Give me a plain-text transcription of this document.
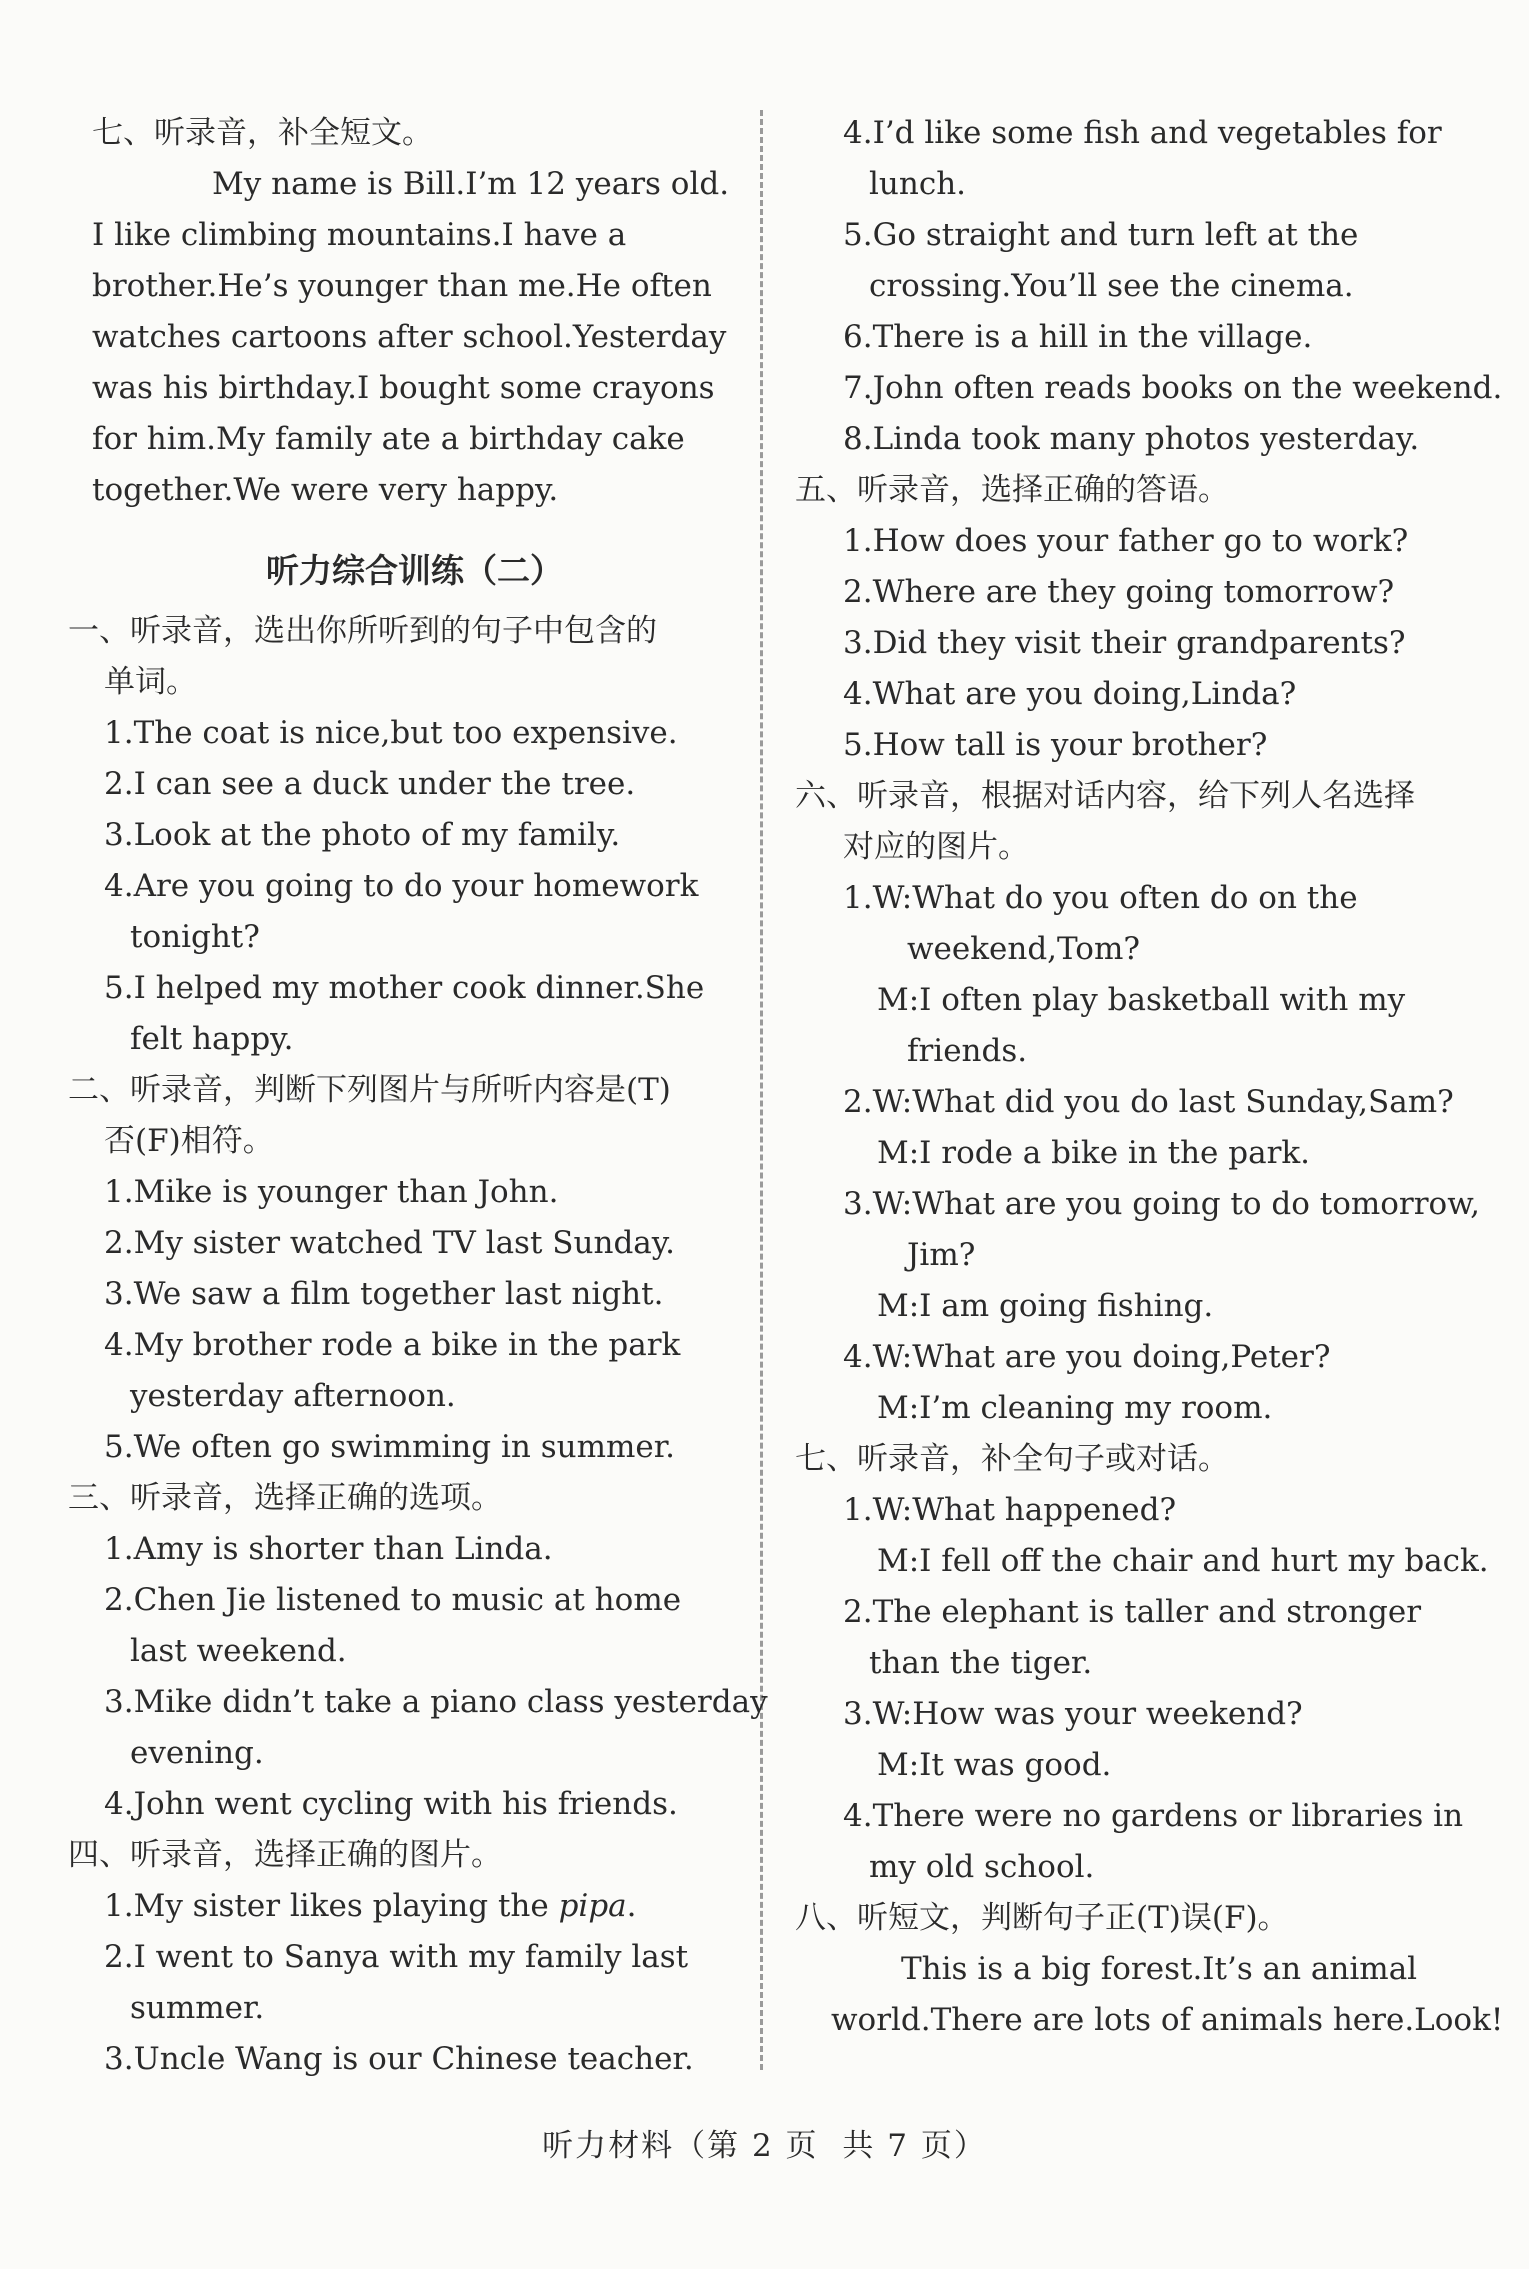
七、听录音，补全短文。
My name is Bill.I’m 12 years old.
I like climbing mountains.I have a
brother.He’s younger than me.He often
watches cartoons after school.Yesterday
was his birthday.I bought some crayons
for him.My family ate a birthday cake
together.We were very happy.
听力综合训练（二）
一、听录音，选出你所听到的句子中包含的
单词。
1.The coat is nice,but too expensive.
2.I can see a duck under the tree.
3.Look at the photo of my family.
4.Are you going to do your homework
tonight?
5.I helped my mother cook dinner.She
felt happy.
二、听录音，判断下列图片与所听内容是(T)
否(F)相符。
1.Mike is younger than John.
2.My sister watched TV last Sunday.
3.We saw a film together last night.
4.My brother rode a bike in the park
yesterday afternoon.
5.We often go swimming in summer.
三、听录音，选择正确的选项。
1.Amy is shorter than Linda.
2.Chen Jie listened to music at home
last weekend.
3.Mike didn’t take a piano class yesterday
evening.
4.John went cycling with his friends.
四、听录音，选择正确的图片。
1.My sister likes playing the pipa.
2.I went to Sanya with my family last
summer.
3.Uncle Wang is our Chinese teacher.
4.I’d like some fish and vegetables for
lunch.
5.Go straight and turn left at the
crossing.You’ll see the cinema.
6.There is a hill in the village.
7.John often reads books on the weekend.
8.Linda took many photos yesterday.
五、听录音，选择正确的答语。
1.How does your father go to work?
2.Where are they going tomorrow?
3.Did they visit their grandparents?
4.What are you doing,Linda?
5.How tall is your brother?
六、听录音，根据对话内容，给下列人名选择
对应的图片。
1.W:What do you often do on the
weekend,Tom?
M:I often play basketball with my
friends.
2.W:What did you do last Sunday,Sam?
M:I rode a bike in the park.
3.W:What are you going to do tomorrow,
Jim?
M:I am going fishing.
4.W:What are you doing,Peter?
M:I’m cleaning my room.
七、听录音，补全句子或对话。
1.W:What happened?
M:I fell off the chair and hurt my back.
2.The elephant is taller and stronger
than the tiger.
3.W:How was your weekend?
M:It was good.
4.There were no gardens or libraries in
my old school.
八、听短文，判断句子正(T)误(F)。
This is a big forest.It’s an animal
world.There are lots of animals here.Look!
听力材料（第 2 页 共 7 页）
